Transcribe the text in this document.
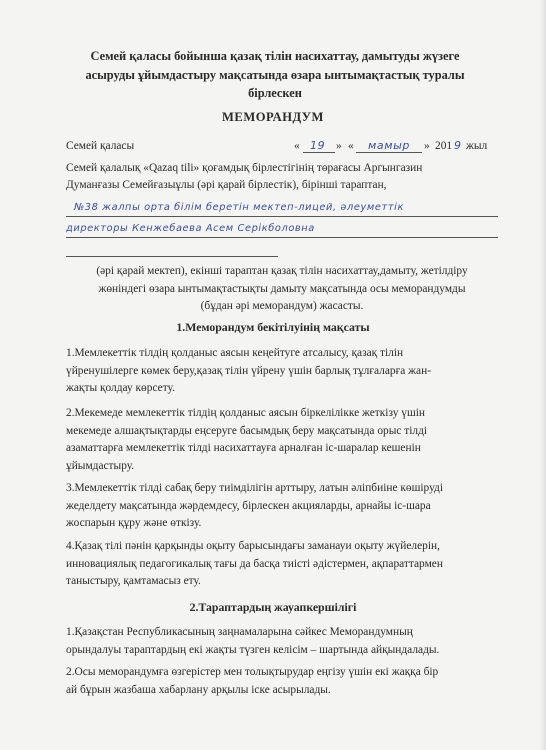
Семей қаласы бойынша қазақ тілін насихаттау, дамытуды жүзеге
асыруды ұйымдастыру мақсатында өзара ынтымақтастық туралы
бірлескен
МЕМОРАНДУМ
Семей қаласы	« 19 » « мамыр » 201 9 жыл
Семей қалалық «Qazaq tili» қоғамдық бірлестігінің төрағасы Аргынгазин
Думанғазы Семейғазыұлы (әрі қарай бірлестік), бірінші тараптан,
№38 жалпы орта білім беретін мектеп-лицей, әлеуметтік
директоры Кенжебаева Асем Серікболовна
(әрі қарай мектеп), екінші тараптан қазақ тілін насихаттау,дамыту, жетілдіру
жөніндегі өзара ынтымақтастықты дамыту мақсатында осы меморандумды
(бұдан әрі меморандум) жасасты.
1.Меморандум бекітілуінің мақсаты
1.Мемлекеттік тілдің қолданыс аясын кеңейтуге атсалысу, қазақ тілін
үйренушілерге көмек беру,қазақ тілін үйрену үшін барлық тұлғаларға жан-
жақты қолдау көрсету.
2.Мекемеде мемлекеттік тілдің қолданыс аясын біркелілікке жеткізу үшін
мекемеде алшақтықтарды еңсеруге басымдық беру мақсатында орыс тілді
азаматтарға мемлекеттік тілді насихаттауға арналған іс-шаралар кешенін
ұйымдастыру.
3.Мемлекеттік тілді сабақ беру тиімділігін арттыру, латын әліпбиіне көшіруді
жеделдету мақсатында жәрдемдесу, бірлескен акцияларды, арнайы іс-шара
жоспарын құру және өткізу.
4.Қазақ тілі пәнін қарқынды оқыту барысындағы заманауи оқыту жүйелерін,
инновациялық педагогикалық тағы да басқа тиісті әдістермен, ақпараттармен
таныстыру, қамтамасыз ету.
2.Тараптардың жауапкершілігі
1.Қазақстан Республикасының заңнамаларына сәйкес Меморандумның
орындалуы тараптардың екі жақты түзген келісім – шартында айқындалады.
2.Осы меморандумға өзгерістер мен толықтырудар еңгізу үшін екі жаққа бір
ай бұрын жазбаша хабарлану арқылы іске асырылады.
